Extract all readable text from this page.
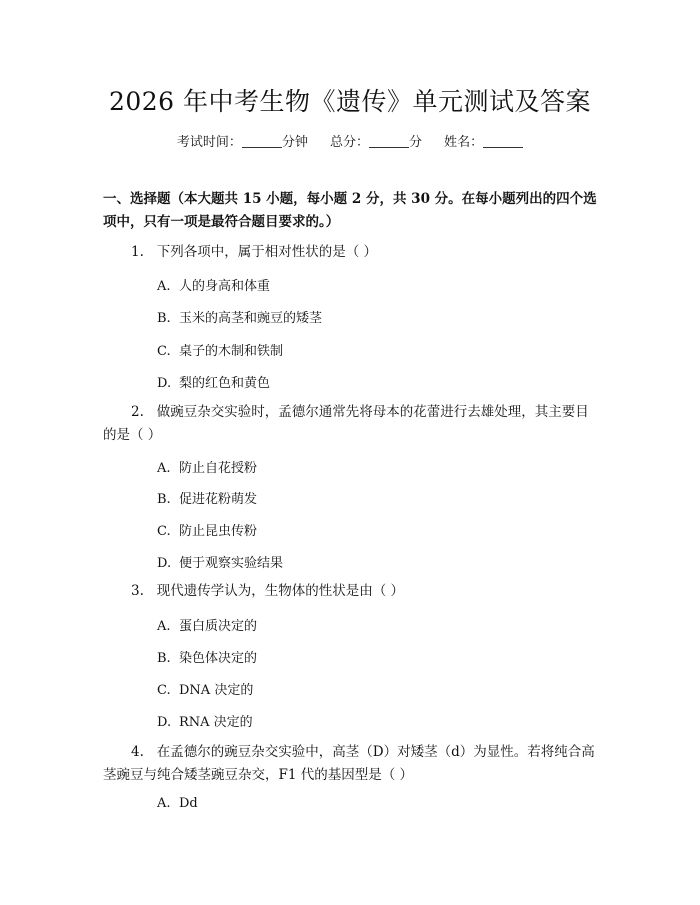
2026 年中考生物《遗传》单元测试及答案
考试时间：	分钟 总分：	分 姓名：
一、选择题（本大题共 15 小题，每小题 2 分，共 30 分。在每小题列出的四个选项中，只有一项是最符合题目要求的。）
1. 下列各项中，属于相对性状的是（ ）
A. 人的身高和体重
B. 玉米的高茎和豌豆的矮茎
C. 桌子的木制和铁制
D. 梨的红色和黄色
2. 做豌豆杂交实验时，孟德尔通常先将母本的花蕾进行去雄处理，其主要目的是（ ）
A. 防止自花授粉
B. 促进花粉萌发
C. 防止昆虫传粉
D. 便于观察实验结果
3. 现代遗传学认为，生物体的性状是由（ ）
A. 蛋白质决定的
B. 染色体决定的
C. DNA 决定的
D. RNA 决定的
4. 在孟德尔的豌豆杂交实验中，高茎（D）对矮茎（d）为显性。若将纯合高茎豌豆与纯合矮茎豌豆杂交，F1 代的基因型是（ ）
A. Dd
